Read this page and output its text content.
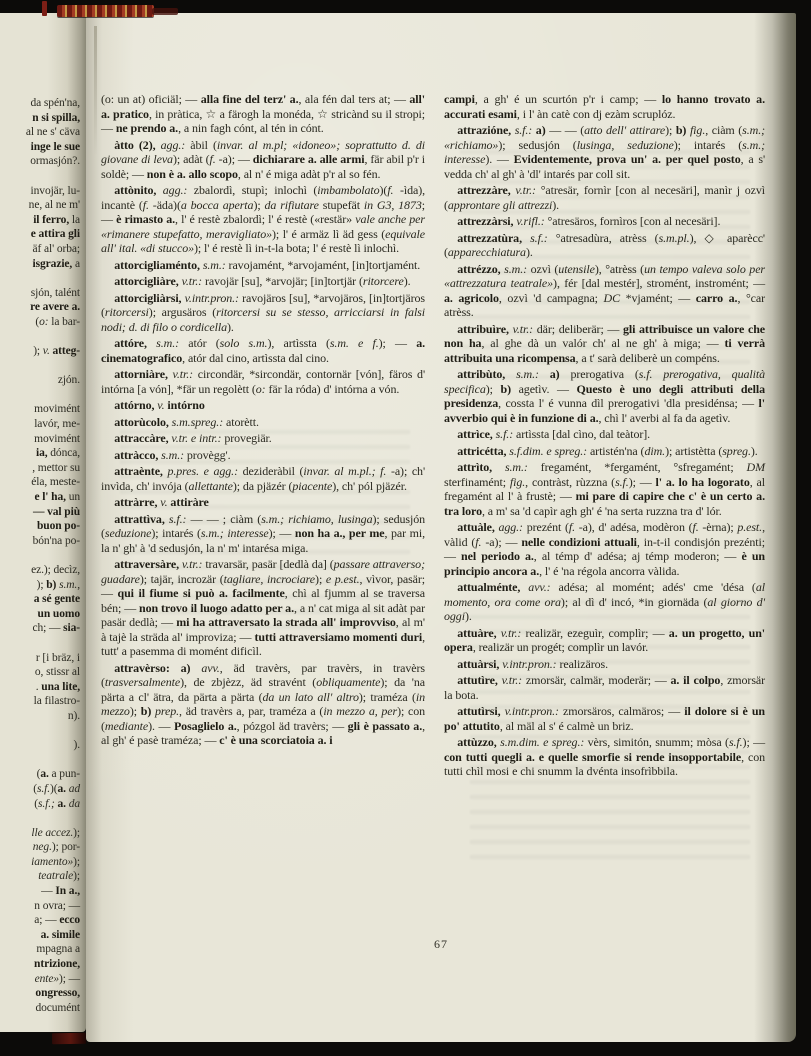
da spén'na,
n si spilla,
al ne s' cäva
inge le sue
ormasjón?.

invojär, lu-
ne, al ne m'
il ferro, la
e attira gli
äf al' orba;
isgrazie, a

sjón, talént
re avere a.
(o: la bar-

); v. atteg-

zjón.

movimént
lavór, me-
movimént
ia, dónca,
, mettor su
éla, meste-
e l' ha, un
— val più
buon po-
bón'na po-

ez.); decìz,
); b) s.m.,
a sé gente
un uomo
ch; — sia-

r [i bräz, i
o, stissr al
. una lite,
la filastro-
n).

).

(a. a pun-
(s.f.)(a. ad
(s.f.; a. da

lle accez.);
neg.); por-
iamento»);
teatrale);
— In a.,
n ovra; —
a; — ecco
a. simile
mpagna a
ntrizione,
ente»); —
ongresso,
documént

(o: un at) oficiäl; — alla fine del terz' a., ala fén dal ters at; — all' a. pratico, in pràtica, ☆ a färogh la monéda, ☆ stricànd su il stropi; — ne prendo a., a nin fagh cónt, al tén in cónt.

àtto (2), agg.: àbil (invar. al m.pl; «idoneo»; soprattutto d. di giovane di leva); adàt (f. -a); — dichiarare a. alle armi, fär abil p'r i soldè; — non è a. allo scopo, al n' é miga adàt p'r al so fén.

attònito, agg.: zbalordì, stupì; inlochì (imbambolato)(f. -ìda), incantè (f. -äda)(a bocca aperta); da rifiutare stupefät in G3, 1873; — è rimasto a., l' é restè zbalordì; l' é restè («restär» vale anche per «rimanere stupefatto, meravigliato»); l' é armäz lì äd gess (equivale all' ital. «di stucco»); l' é restè lì in-t-la bota; l' é restè lì inlochì.

attorcigliaménto, s.m.: ravojamént, *arvojamént, [in]tortjamént.

attorcigliàre, v.tr.: ravojär [su], *arvojär; [in]tortjär (ritorcere).

attorcigliàrsi, v.intr.pron.: ravojäros [su], *arvojäros, [in]tortjäros (ritorcersi); argusäros (ritorcersi su se stesso, arricciarsi in falsi nodi; d. di filo o cordicella).

attóre, s.m.: atór (solo s.m.), artìssta (s.m. e f.); — a. cinematografico, atór dal cino, artìssta dal cino.

attorniàre, v.tr.: circondär, *sircondär, contornär [vón], färos d' intórna [a vón], *fär un regolètt (o: fär la róda) d' intórna a vón.

attórno, v. intórno

attorùcolo, s.m.spreg.: atorètt.

attraccàre, v.tr. e intr.: provegiär.

attràcco, s.m.: provègg'.

attraènte, p.pres. e agg.: dezideràbil (invar. al m.pl.; f. -a); ch' invìda, ch' invója (allettante); da pjäzér (piacente), ch' pól pjäzér.

attràrre, v. attiràre

attrattìva, s.f.: — — ; ciàm (s.m.; richiamo, lusinga); sedusjón (seduzione); intarés (s.m.; interesse); — non ha a., per me, par mi, la n' gh' à 'd sedusjón, la n' m' intarésa miga.

attraversàre, v.tr.: travarsär, pasär [dedlà da] (passare attraverso; guadare); tajär, incrozär (tagliare, incrociare); e p.est., vìvor, pasär; — qui il fiume si può a. facilmente, chì al fjumm al se traversa bén; — non trovo il luogo adatto per a., a n' cat miga al sit adàt par pasär dedlà; — mi ha attraversato la strada all' improvviso, al m' à tajè la sträda al' improviza; — tutti attraversiamo momenti duri, tutt' a pasemma di momént dificìl.

attravèrso: a) avv., äd travèrs, par travèrs, in travèrs (trasversalmente), de zbjèzz, äd stravént (obliquamente); da 'na pärta a cl' ätra, da pärta a pärta (da un lato all' altro); traméza (in mezzo); b) prep., äd travèrs a, par, traméza a (in mezzo a, per); con (mediante). — Posaglielo a., pózgol äd travèrs; — gli è passato a., al gh' é pasè traméza; — c' è una scorciatoia a. i

campi, a gh' é un scurtón p'r i camp; — lo hanno trovato a. accurati esami, i l' àn catè con dj ezàm scruplóz.

attrazióne, s.f.: a) — — (atto dell' attirare); b) fig., ciàm (s.m.; «richiamo»); sedusjón (lusinga, seduzione); intarés (s.m.; interesse). — Evidentemente, prova un' a. per quel posto, a s' vedda ch' al gh' à 'dl' intarés par coll sit.

attrezzàre, v.tr.: °atresär, fornìr [con al necesäri], manìr j ozvì (approntare gli attrezzi).

attrezzàrsi, v.rifl.: °atresäros, fornìros [con al necesäri].

attrezzatùra, s.f.: °atresadùra, atrèss (s.m.pl.), ◇ aparècc' (apparecchiatura).

attrézzo, s.m.: ozvì (utensile), °atrèss (un tempo valeva solo per «attrezzatura teatrale»), fér [dal mestér], stromént, instromént; — a. agricolo, ozvì 'd campagna; DC *vjamént; — carro a., °car atrèss.

attribuìre, v.tr.: där; deliberär; — gli attribuisce un valore che non ha, al ghe dà un valór ch' al ne gh' à miga; — ti verrà attribuita una ricompensa, a t' sarà deliberè un compéns.

attribùto, s.m.: a) prerogativa (s.f. prerogativa, qualità specifica); b) agetìv. — Questo è uno degli attributi della presidenza, cossta l' é vunna dìl prerogativi 'dla presidénsa; — l' avverbio qui è in funzione di a., chì l' averbi al fa da agetìv.

attrìce, s.f.: artìssta [dal cìno, dal teàtor].

attricétta, s.f.dim. e spreg.: artistén'na (dim.); artistètta (spreg.).

attrìto, s.m.: fregamént, *fergamént, °sfregamént; DM sterfinamént; fig., contràst, rùzzna (s.f.); — l' a. lo ha logorato, al fregamént al l' à frustè; — mi pare di capire che c' è un certo a. tra loro, a m' sa 'd capìr agh gh' é 'na serta ruzzna tra d' lór.

attuàle, agg.: prezént (f. -a), d' adésa, modèron (f. -èrna); p.est., vàlid (f. -a); — nelle condizioni attuali, in-t-il condisjón prezénti; — nel periodo a., al témp d' adésa; aj témp moderon; — è un principio ancora a., l' é 'na régola ancorra vàlida.

attualménte, avv.: adésa; al momént; adés' cme 'désa (al momento, ora come ora); al dì d' incó, *in giornäda (al giorno d' oggi).

attuàre, v.tr.: realizär, ezeguìr, complìr; — a. un progetto, un' opera, realizär un progét; complìr un lavór.

attuàrsi, v.intr.pron.: realizäros.

attutìre, v.tr.: zmorsär, calmär, moderär; — a. il colpo, zmorsär la bota.

attutìrsi, v.intr.pron.: zmorsäros, calmäros; — il dolore si è un po' attutito, al mäl al s' é calmè un briz.

attùzzo, s.m.dim. e spreg.: vèrs, simitón, snumm; mòsa (s.f.); — con tutti quegli a. e quelle smorfie si rende insopportabile, con tutti chìl mosi e chi snumm la dvénta insofrìbbila.

67
